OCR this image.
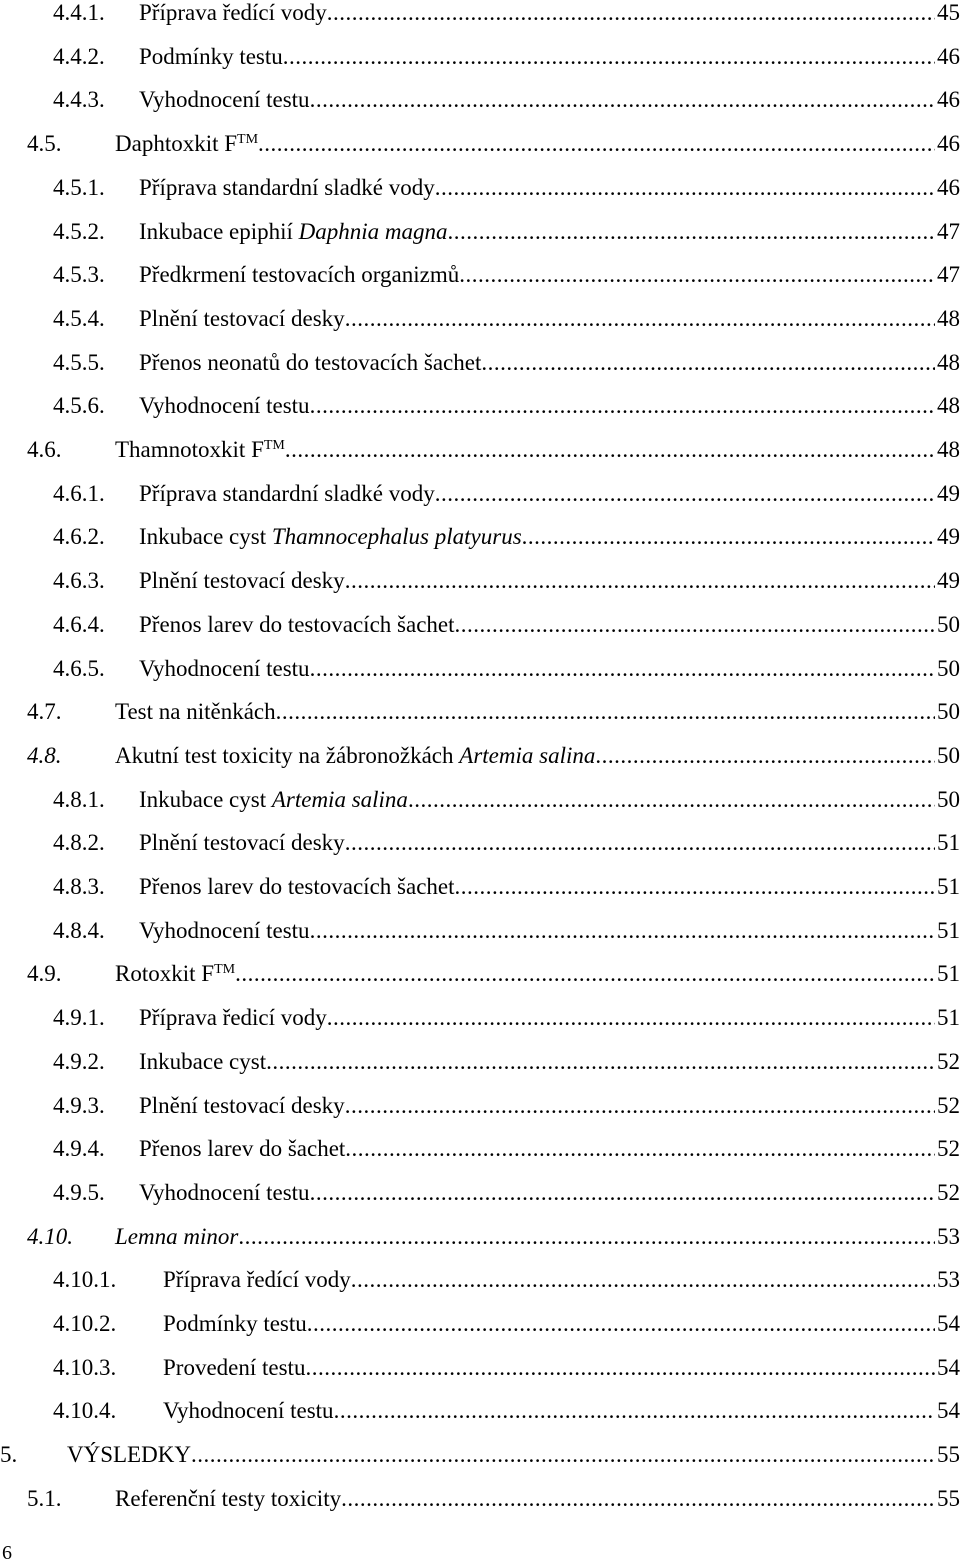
4.4.1.	Příprava ředící vody .....	45
4.4.2.	Podmínky testu .....	46
4.4.3.	Vyhodnocení testu .....	46
4.5.	Daphtoxkit F™ .....	46
4.5.1.	Příprava standardní sladké vody .....	46
4.5.2.	Inkubace epiphií Daphnia magna .....	47
4.5.3.	Předkrmení testovacích organizmů .....	47
4.5.4.	Plnění testovací desky .....	48
4.5.5.	Přenos neonatů do testovacích šachet .....	48
4.5.6.	Vyhodnocení testu .....	48
4.6.	Thamnotoxkit F™ .....	48
4.6.1.	Příprava standardní sladké vody .....	49
4.6.2.	Inkubace cyst Thamnocephalus platyurus .....	49
4.6.3.	Plnění testovací desky .....	49
4.6.4.	Přenos larev do testovacích šachet .....	50
4.6.5.	Vyhodnocení testu .....	50
4.7.	Test na nitěnkách .....	50
4.8.	Akutní test toxicity na žábronožkách Artemia salina .....	50
4.8.1.	Inkubace cyst Artemia salina .....	50
4.8.2.	Plnění testovací desky .....	51
4.8.3.	Přenos larev do testovacích šachet .....	51
4.8.4.	Vyhodnocení testu .....	51
4.9.	Rotoxkit F™ .....	51
4.9.1.	Příprava ředicí vody .....	51
4.9.2.	Inkubace cyst .....	52
4.9.3.	Plnění testovací desky .....	52
4.9.4.	Přenos larev do šachet .....	52
4.9.5.	Vyhodnocení testu .....	52
4.10.	Lemna minor .....	53
4.10.1.	Příprava ředící vody .....	53
4.10.2.	Podmínky testu .....	54
4.10.3.	Provedení testu .....	54
4.10.4.	Vyhodnocení testu .....	54
5.	VÝSLEDKY .....	55
5.1.	Referenční testy toxicity .....	55
6
